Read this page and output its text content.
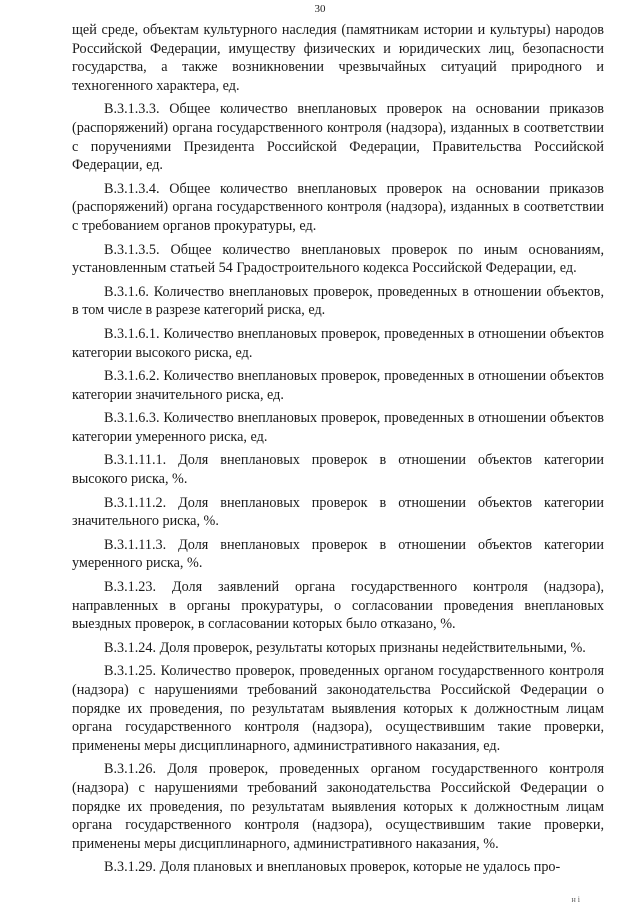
30

щей среде, объектам культурного наследия (памятникам истории и культуры) народов Российской Федерации, имуществу физических и юридических лиц, безопасности государства, а также возникновении чрезвычайных ситуаций природного и техногенного характера, ед.

В.3.1.3.3. Общее количество внеплановых проверок на основании приказов (распоряжений) органа государственного контроля (надзора), изданных в соответствии с поручениями Президента Российской Федерации, Правительства Российской Федерации, ед.

В.3.1.3.4. Общее количество внеплановых проверок на основании приказов (распоряжений) органа государственного контроля (надзора), изданных в соответствии с требованием органов прокуратуры, ед.

В.3.1.3.5. Общее количество внеплановых проверок по иным основаниям, установленным статьей 54 Градостроительного кодекса Российской Федерации, ед.

В.3.1.6. Количество внеплановых проверок, проведенных в отношении объектов, в том числе в разрезе категорий риска, ед.

В.3.1.6.1. Количество внеплановых проверок, проведенных в отношении объектов категории высокого риска, ед.

В.3.1.6.2. Количество внеплановых проверок, проведенных в отношении объектов категории значительного риска, ед.

В.3.1.6.3. Количество внеплановых проверок, проведенных в отношении объектов категории умеренного риска, ед.

В.3.1.11.1. Доля внеплановых проверок в отношении объектов категории высокого риска, %.

В.3.1.11.2. Доля внеплановых проверок в отношении объектов категории значительного риска, %.

В.3.1.11.3. Доля внеплановых проверок в отношении объектов категории умеренного риска, %.

В.3.1.23. Доля заявлений органа государственного контроля (надзора), направленных в органы прокуратуры, о согласовании проведения внеплановых выездных проверок, в согласовании которых было отказано, %.

В.3.1.24. Доля проверок, результаты которых признаны недействительными, %.

В.3.1.25. Количество проверок, проведенных органом государственного контроля (надзора) с нарушениями требований законодательства Российской Федерации о порядке их проведения, по результатам выявления которых к должностным лицам органа государственного контроля (надзора), осуществившим такие проверки, применены меры дисциплинарного, административного наказания, ед.

В.3.1.26. Доля проверок, проведенных органом государственного контроля (надзора) с нарушениями требований законодательства Российской Федерации о порядке их проведения, по результатам выявления которых к должностным лицам органа государственного контроля (надзора), осуществившим такие проверки, применены меры дисциплинарного, административного наказания, %.

В.3.1.29. Доля плановых и внеплановых проверок, которые не удалось про-

н і
